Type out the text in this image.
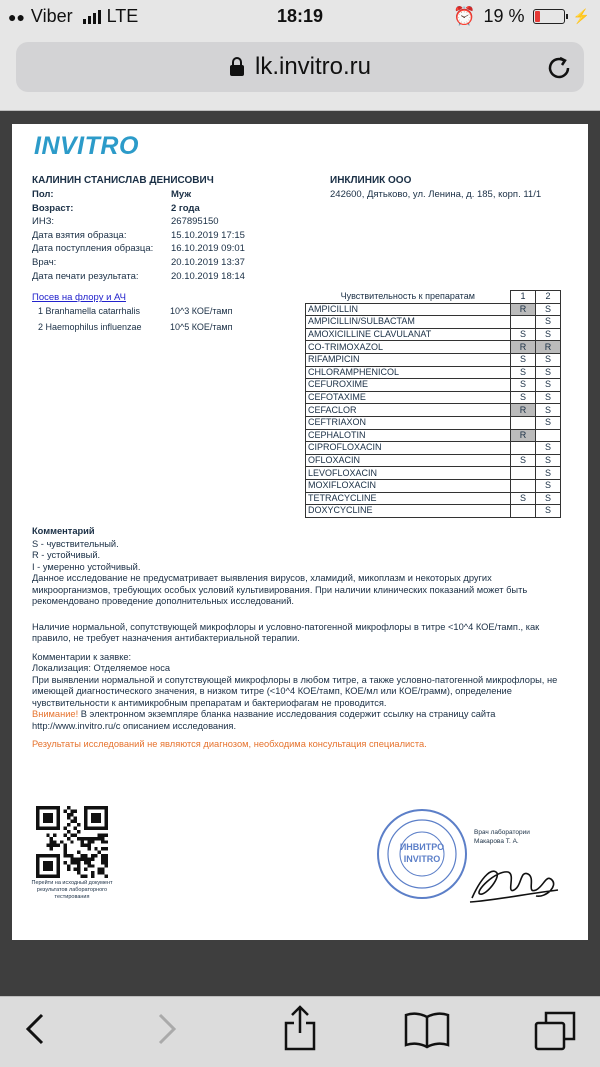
●● Viber LTE	18:19	⏰ 19 %	⚡
lk.invitro.ru
INVITRO
КАЛИНИН СТАНИСЛАВ ДЕНИСОВИЧ
Пол:	Муж
Возраст:	2 года
ИНЗ:	267895150
Дата взятия образца:	15.10.2019 17:15
Дата поступления образца:	16.10.2019 09:01
Врач:	20.10.2019 13:37
Дата печати результата:	20.10.2019 18:14
ИНКЛИНИК ООО
242600, Дятьково, ул. Ленина, д. 185, корп. 11/1
Посев на флору и АЧ
1 Branhamella catarrhalis	10^3 КОЕ/тамп
2 Haemophilus influenzae	10^5 КОЕ/тамп
Чувствительность к препаратам	1	2
AMPICILLIN	R	S
AMPICILLIN/SULBACTAM		S
AMOXICILLINE CLAVULANAT	S	S
CO-TRIMOXAZOL	R	R
RIFAMPICIN	S	S
CHLORAMPHENICOL	S	S
CEFUROXIME	S	S
CEFOTAXIME	S	S
CEFACLOR	R	S
CEFTRIAXON		S
CEPHALOTIN	R	
CIPROFLOXACIN		S
OFLOXACIN	S	S
LEVOFLOXACIN		S
MOXIFLOXACIN		S
TETRACYCLINE	S	S
DOXYCYCLINE		S

Комментарий

S - чувствительный.

R - устойчивый.

I - умеренно устойчивый.

Данное исследование не предусматривает выявления вирусов, хламидий, микоплазм и некоторых других микроорганизмов, требующих особых условий культивирования. При наличии клинических показаний может быть рекомендовано проведение дополнительных исследований.

Наличие нормальной, сопутствующей микрофлоры и условно-патогенной микрофлоры в титре <10^4 КОЕ/тамп., как правило, не требует назначения антибактериальной терапии.

Комментарии к заявке:

Локализация: Отделяемое носа

При выявлении нормальной и сопутствующей микрофлоры в любом титре, а также условно-патогенной микрофлоры, не имеющей диагностического значения, в низком титре (<10^4 КОЕ/тамп, КОЕ/мл или КОЕ/грамм), определение чувствительности к антимикробным препаратам и бактериофагам не проводится.

Внимание! В электронном экземпляре бланка название исследования содержит ссылку на страницу сайта

http://www.invitro.ru/с описанием исследования.

Результаты исследований не являются диагнозом, необходима консультация специалиста.

Перейти на исходный документ результатов лабораторного тестирования
ИНВИТРО
INVITRO
Врач лаборатории
Макарова Т. А.
